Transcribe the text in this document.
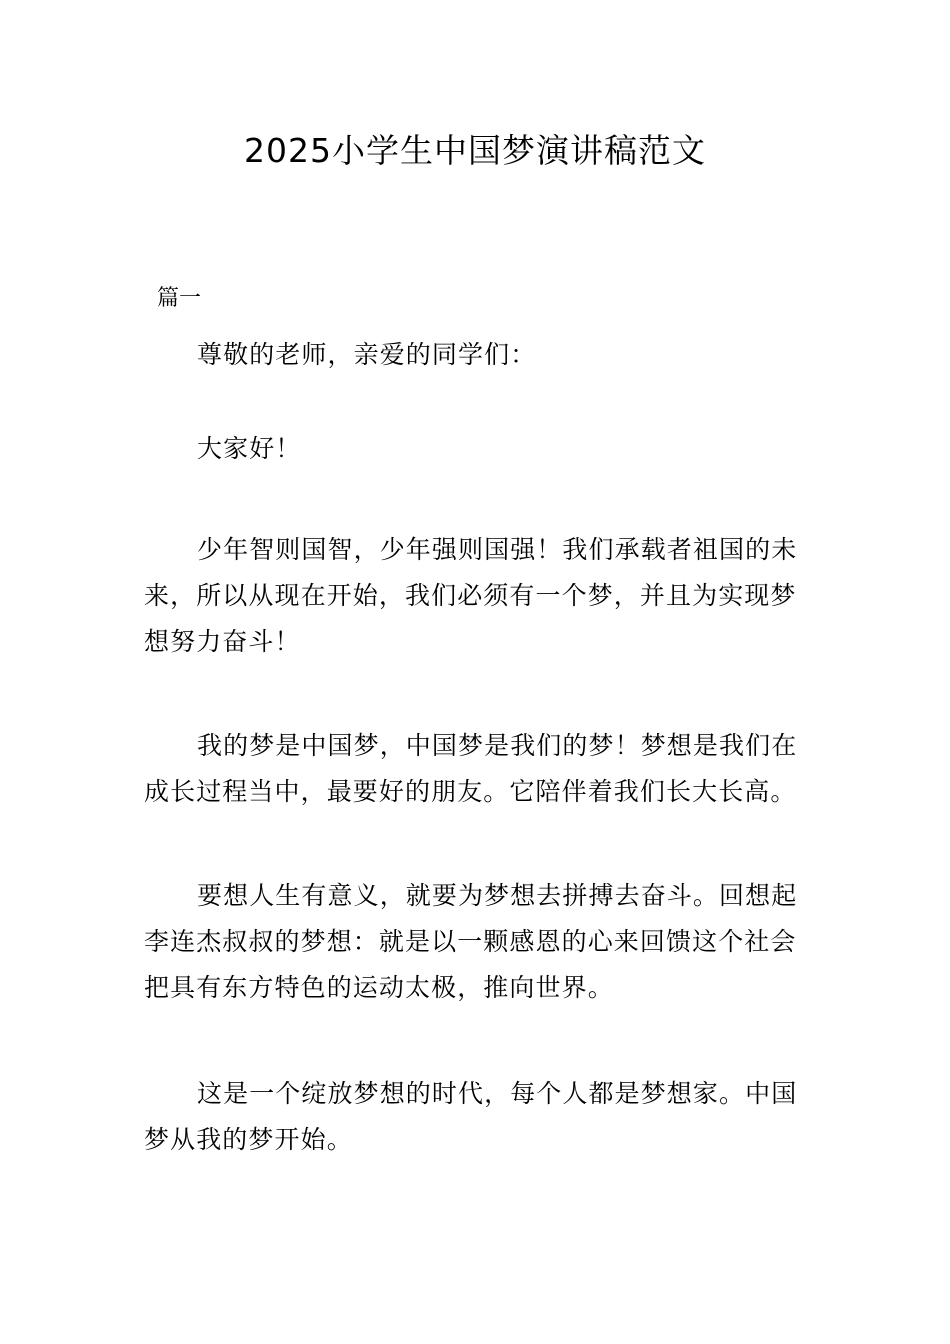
2025小学生中国梦演讲稿范文
篇一

尊敬的老师，亲爱的同学们：

大家好！

少年智则国智，少年强则国强！我们承载者祖国的未
来，所以从现在开始，我们必须有一个梦，并且为实现梦
想努力奋斗！

我的梦是中国梦，中国梦是我们的梦！梦想是我们在
成长过程当中，最要好的朋友。它陪伴着我们长大长高。

要想人生有意义，就要为梦想去拼搏去奋斗。回想起
李连杰叔叔的梦想：就是以一颗感恩的心来回馈这个社会
把具有东方特色的运动太极，推向世界。

这是一个绽放梦想的时代，每个人都是梦想家。中国
梦从我的梦开始。
